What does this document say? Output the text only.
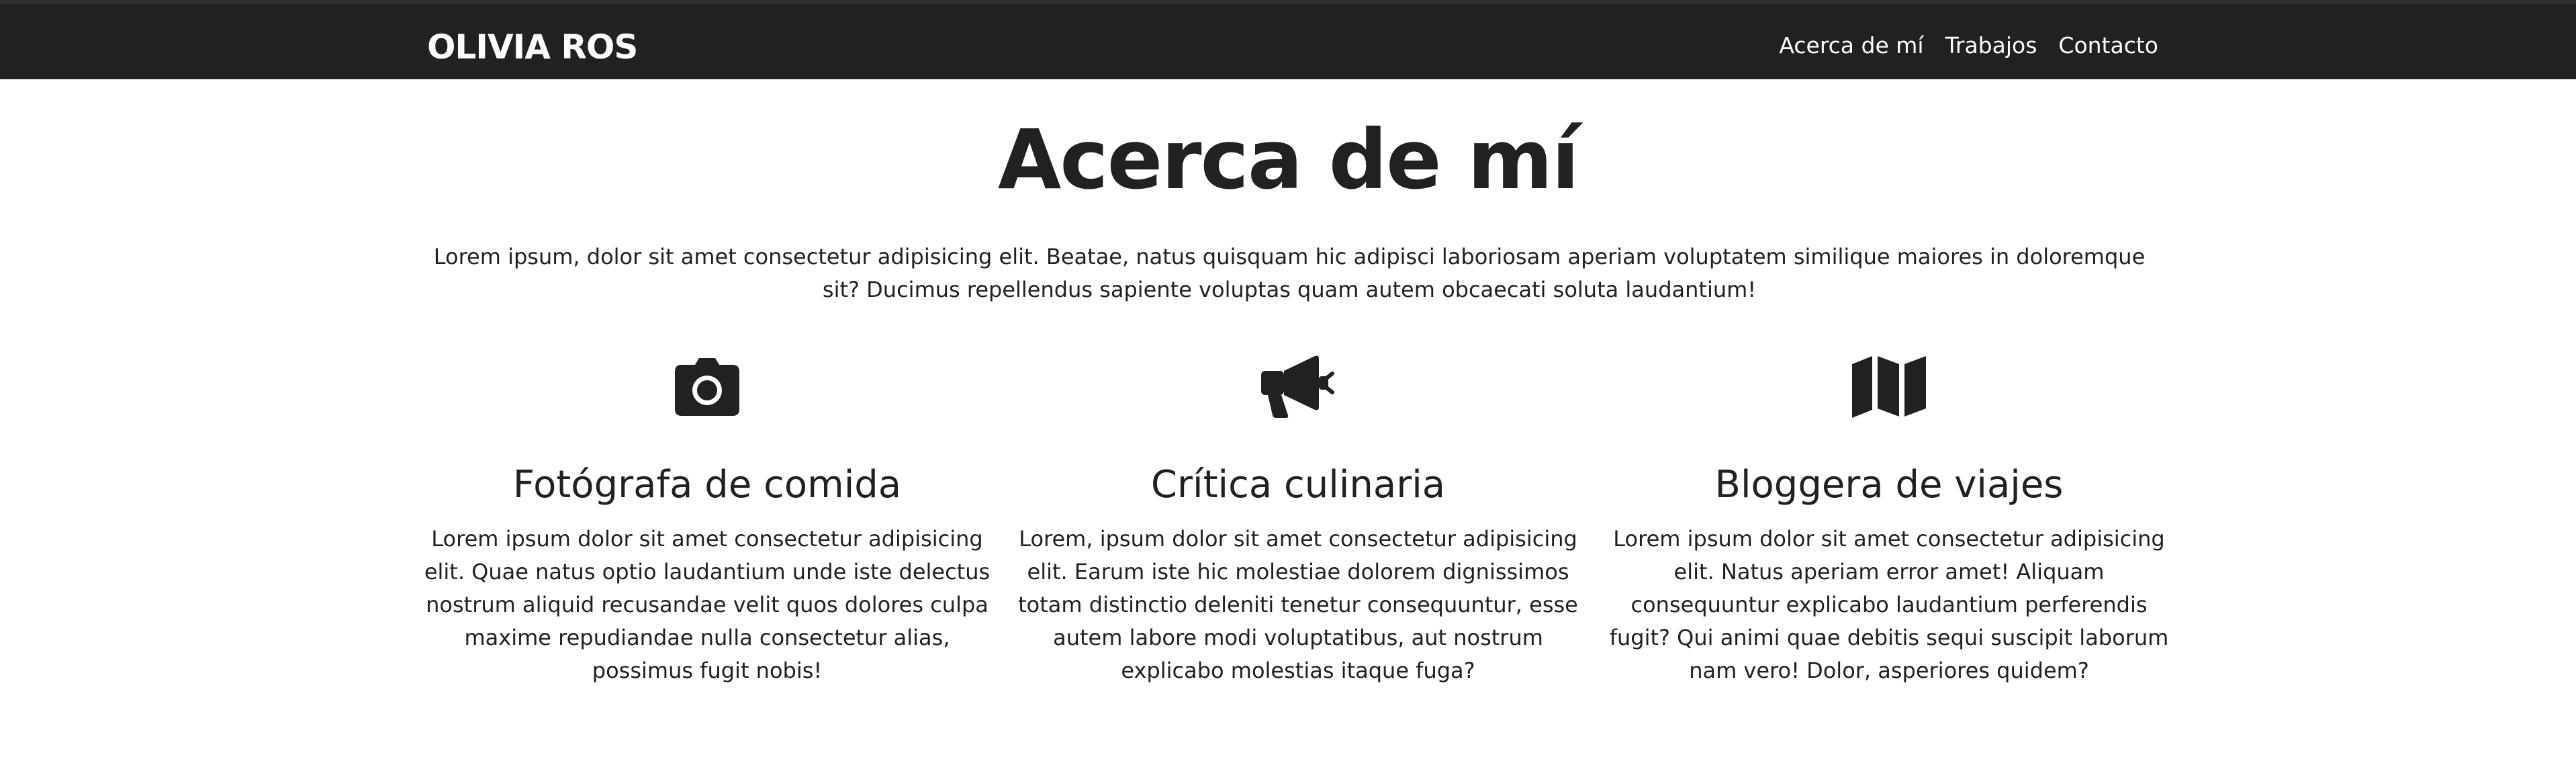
OLIVIA ROS	Acerca de mí Trabajos Contacto
Acerca de mí

Lorem ipsum, dolor sit amet consectetur adipisicing elit. Beatae, natus quisquam hic adipisci laboriosam aperiam voluptatem similique maiores in doloremque sit? Ducimus repellendus sapiente voluptas quam autem obcaecati soluta laudantium!

Fotógrafa de comida

Lorem ipsum dolor sit amet consectetur adipisicing elit. Quae natus optio laudantium unde iste delectus nostrum aliquid recusandae velit quos dolores culpa maxime repudiandae nulla consectetur alias, possimus fugit nobis!

Crítica culinaria

Lorem, ipsum dolor sit amet consectetur adipisicing elit. Earum iste hic molestiae dolorem dignissimos totam distinctio deleniti tenetur consequuntur, esse autem labore modi voluptatibus, aut nostrum explicabo molestias itaque fuga?

Bloggera de viajes

Lorem ipsum dolor sit amet consectetur adipisicing elit. Natus aperiam error amet! Aliquam consequuntur explicabo laudantium perferendis fugit? Qui animi quae debitis sequi suscipit laborum nam vero! Dolor, asperiores quidem?
